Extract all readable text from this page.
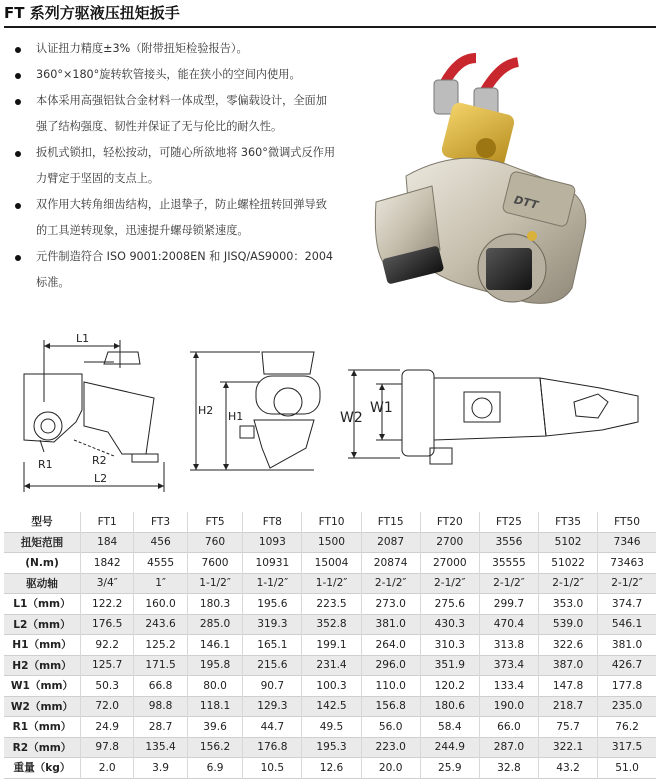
FT 系列方驱液压扭矩扳手
认证扭力精度±3%（附带扭矩检验报告）。
360°×180°旋转软管接头，能在狭小的空间内使用。
本体采用高强铝钛合金材料一体成型，零偏载设计，全面加强了结构强度、韧性并保证了无与伦比的耐久性。
扳机式锁扣，轻松按动，可随心所欲地将 360°微调式反作用力臂定于坚固的支点上。
双作用大转角细齿结构，止退挚子，防止螺栓扭转回弹导致的工具逆转现象，迅速提升螺母锁紧速度。
元件制造符合 ISO 9001:2008EN 和 JISQ/AS9000：2004标准。
DTT
L1
L2
R1	R2
H2 H1	W2
W1
型号	FT1	FT3	FT5	FT8	FT10	FT15	FT20	FT25	FT35	FT50
扭矩范围	184	456	760	1093	1500	2087	2700	3556	5102	7346
(N.m)	1842	4555	7600	10931	15004	20874	27000	35555	51022	73463
驱动轴	3/4″	1″	1-1/2″	1-1/2″	1-1/2″	2-1/2″	2-1/2″	2-1/2″	2-1/2″	2-1/2″
L1（mm）	122.2	160.0	180.3	195.6	223.5	273.0	275.6	299.7	353.0	374.7
L2（mm）	176.5	243.6	285.0	319.3	352.8	381.0	430.3	470.4	539.0	546.1
H1（mm）	92.2	125.2	146.1	165.1	199.1	264.0	310.3	313.8	322.6	381.0
H2（mm）	125.7	171.5	195.8	215.6	231.4	296.0	351.9	373.4	387.0	426.7
W1（mm）	50.3	66.8	80.0	90.7	100.3	110.0	120.2	133.4	147.8	177.8
W2（mm）	72.0	98.8	118.1	129.3	142.5	156.8	180.6	190.0	218.7	235.0
R1（mm）	24.9	28.7	39.6	44.7	49.5	56.0	58.4	66.0	75.7	76.2
R2（mm）	97.8	135.4	156.2	176.8	195.3	223.0	244.9	287.0	322.1	317.5
重量（kg）	2.0	3.9	6.9	10.5	12.6	20.0	25.9	32.8	43.2	51.0
